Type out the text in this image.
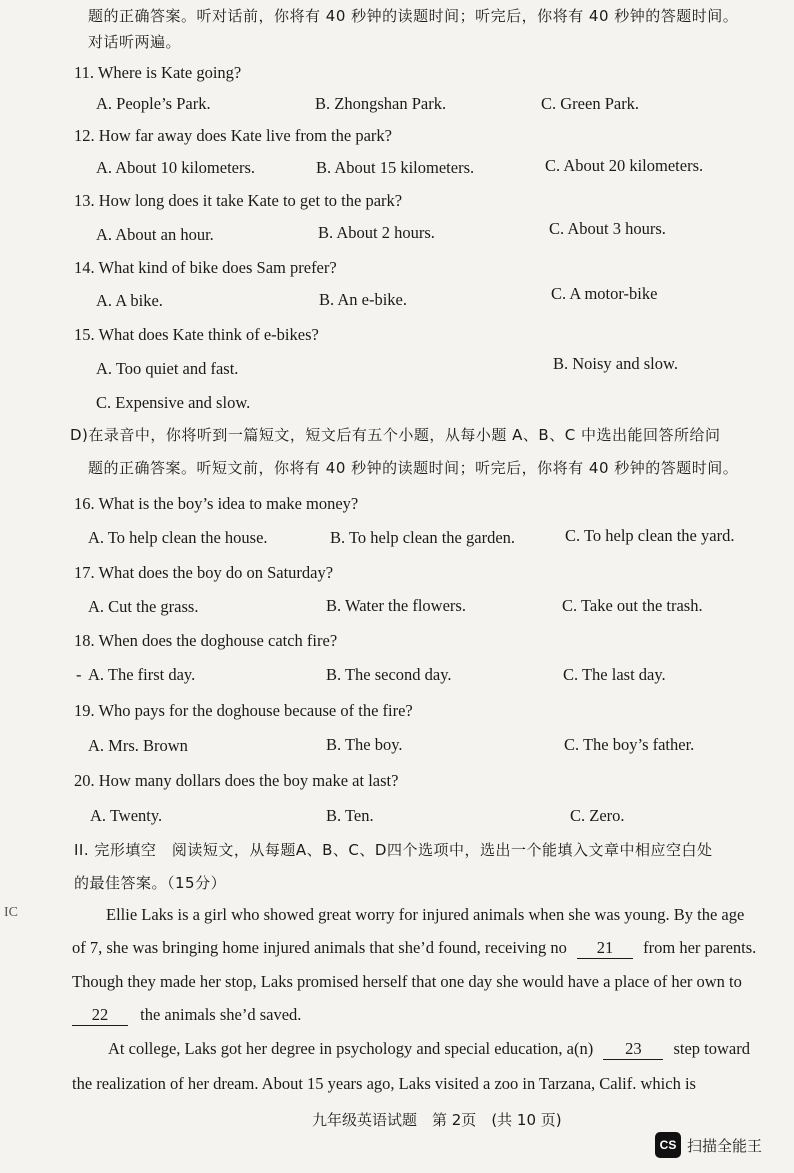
题的正确答案。听对话前，你将有 40 秒钟的读题时间；听完后，你将有 40 秒钟的答题时间。
对话听两遍。
11. Where is Kate going?
A. People’s Park.	B. Zhongshan Park.	C. Green Park.
12. How far away does Kate live from the park?
A. About 10 kilometers.	B. About 15 kilometers.	C. About 20 kilometers.
13. How long does it take Kate to get to the park?
A. About an hour.	B. About 2 hours.	C. About 3 hours.
14. What kind of bike does Sam prefer?
A. A bike.	B. An e-bike.	C. A motor-bike
15. What does Kate think of e-bikes?
A. Too quiet and fast.	B. Noisy and slow.
C. Expensive and slow.
D)在录音中，你将听到一篇短文，短文后有五个小题，从每小题 A、B、C 中选出能回答所给问
题的正确答案。听短文前，你将有 40 秒钟的读题时间；听完后，你将有 40 秒钟的答题时间。
16. What is the boy’s idea to make money?
A. To help clean the house.	B. To help clean the garden.	C. To help clean the yard.
17. What does the boy do on Saturday?
A. Cut the grass.	B. Water the flowers.	C. Take out the trash.
18. When does the doghouse catch fire?
- A. The first day.	B. The second day.	C. The last day.
19. Who pays for the doghouse because of the fire?
A. Mrs. Brown	B. The boy.	C. The boy’s father.
20. How many dollars does the boy make at last?
A. Twenty.	B. Ten.	C. Zero.
II. 完形填空　阅读短文，从每题A、B、C、D四个选项中，选出一个能填入文章中相应空白处
的最佳答案。（15分）
Ellie Laks is a girl who showed great worry for injured animals when she was young. By the age
of 7, she was bringing home injured animals that she’d found, receiving no 21 from her parents.
Though they made her stop, Laks promised herself that one day she would have a place of her own to
22 the animals she’d saved.
At college, Laks got her degree in psychology and special education, a(n) 23 step toward
the realization of her dream. About 15 years ago, Laks visited a zoo in Tarzana, Calif. which is
IC
九年级英语试题　第 2页　(共 10 页)
CS 扫描全能王
